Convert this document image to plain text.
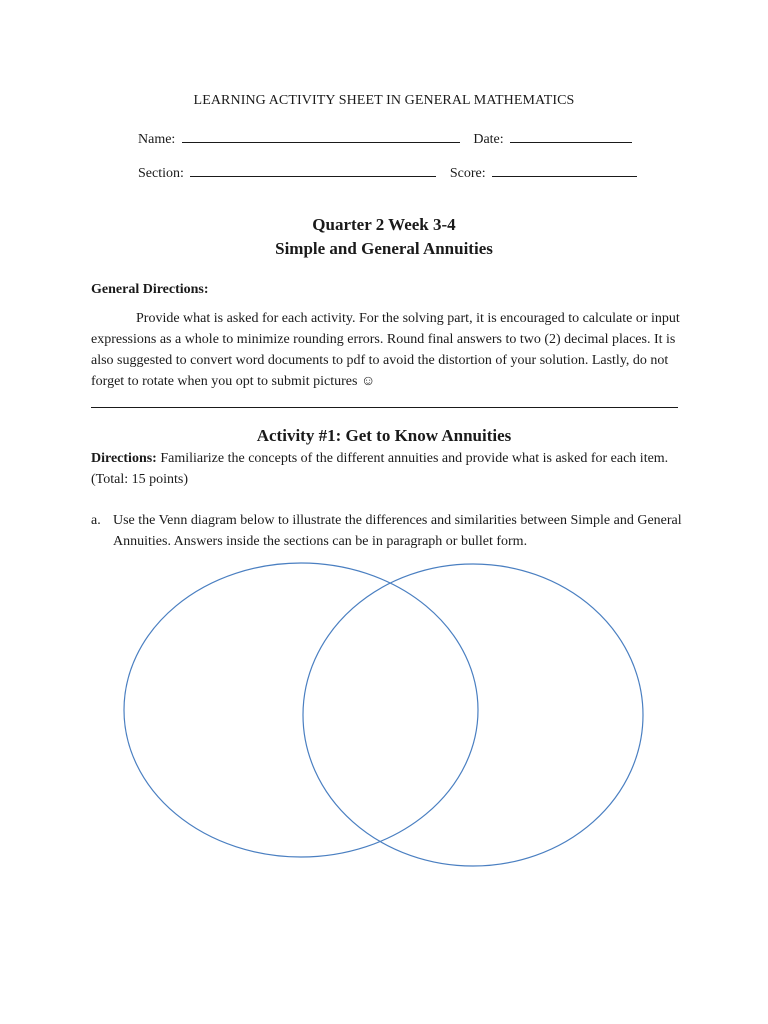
LEARNING ACTIVITY SHEET IN GENERAL MATHEMATICS
Name:	Date:
Section:	Score:
Quarter 2 Week 3-4
Simple and General Annuities
General Directions:
Provide what is asked for each activity. For the solving part, it is encouraged to calculate or input expressions as a whole to minimize rounding errors. Round final answers to two (2) decimal places. It is also suggested to convert word documents to pdf to avoid the distortion of your solution. Lastly, do not forget to rotate when you opt to submit pictures ☺
Activity #1: Get to Know Annuities
Directions: Familiarize the concepts of the different annuities and provide what is asked for each item. (Total: 15 points)
a. Use the Venn diagram below to illustrate the differences and similarities between Simple and General Annuities. Answers inside the sections can be in paragraph or bullet form.
